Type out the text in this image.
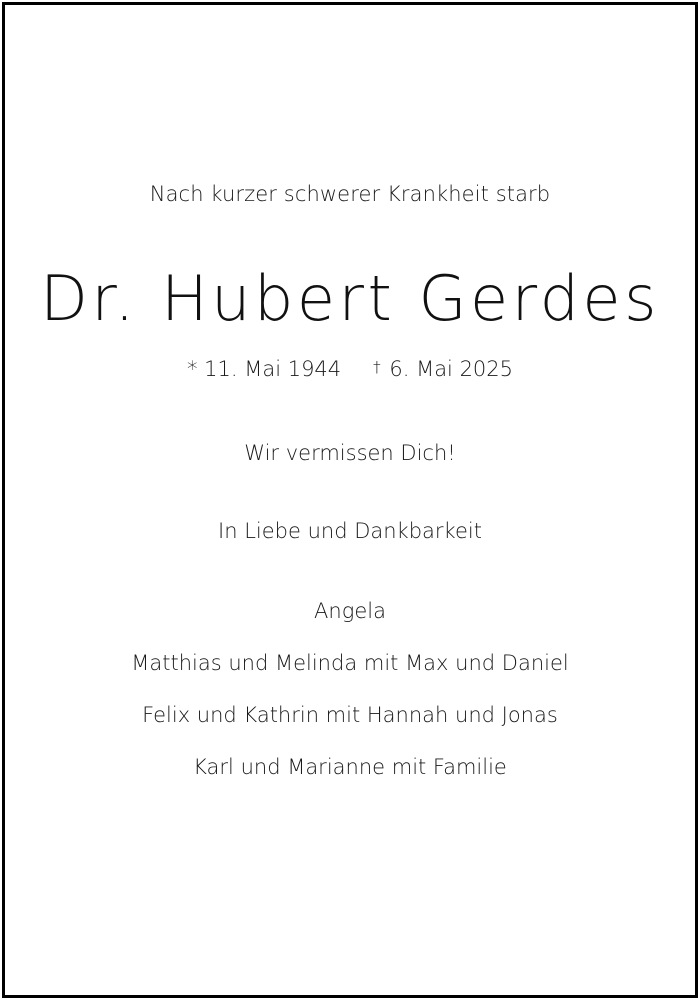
Nach kurzer schwerer Krankheit starb
Dr. Hubert Gerdes
* 11. Mai 1944 † 6. Mai 2025
Wir vermissen Dich!
In Liebe und Dankbarkeit
Angela
Matthias und Melinda mit Max und Daniel
Felix und Kathrin mit Hannah und Jonas
Karl und Marianne mit Familie
